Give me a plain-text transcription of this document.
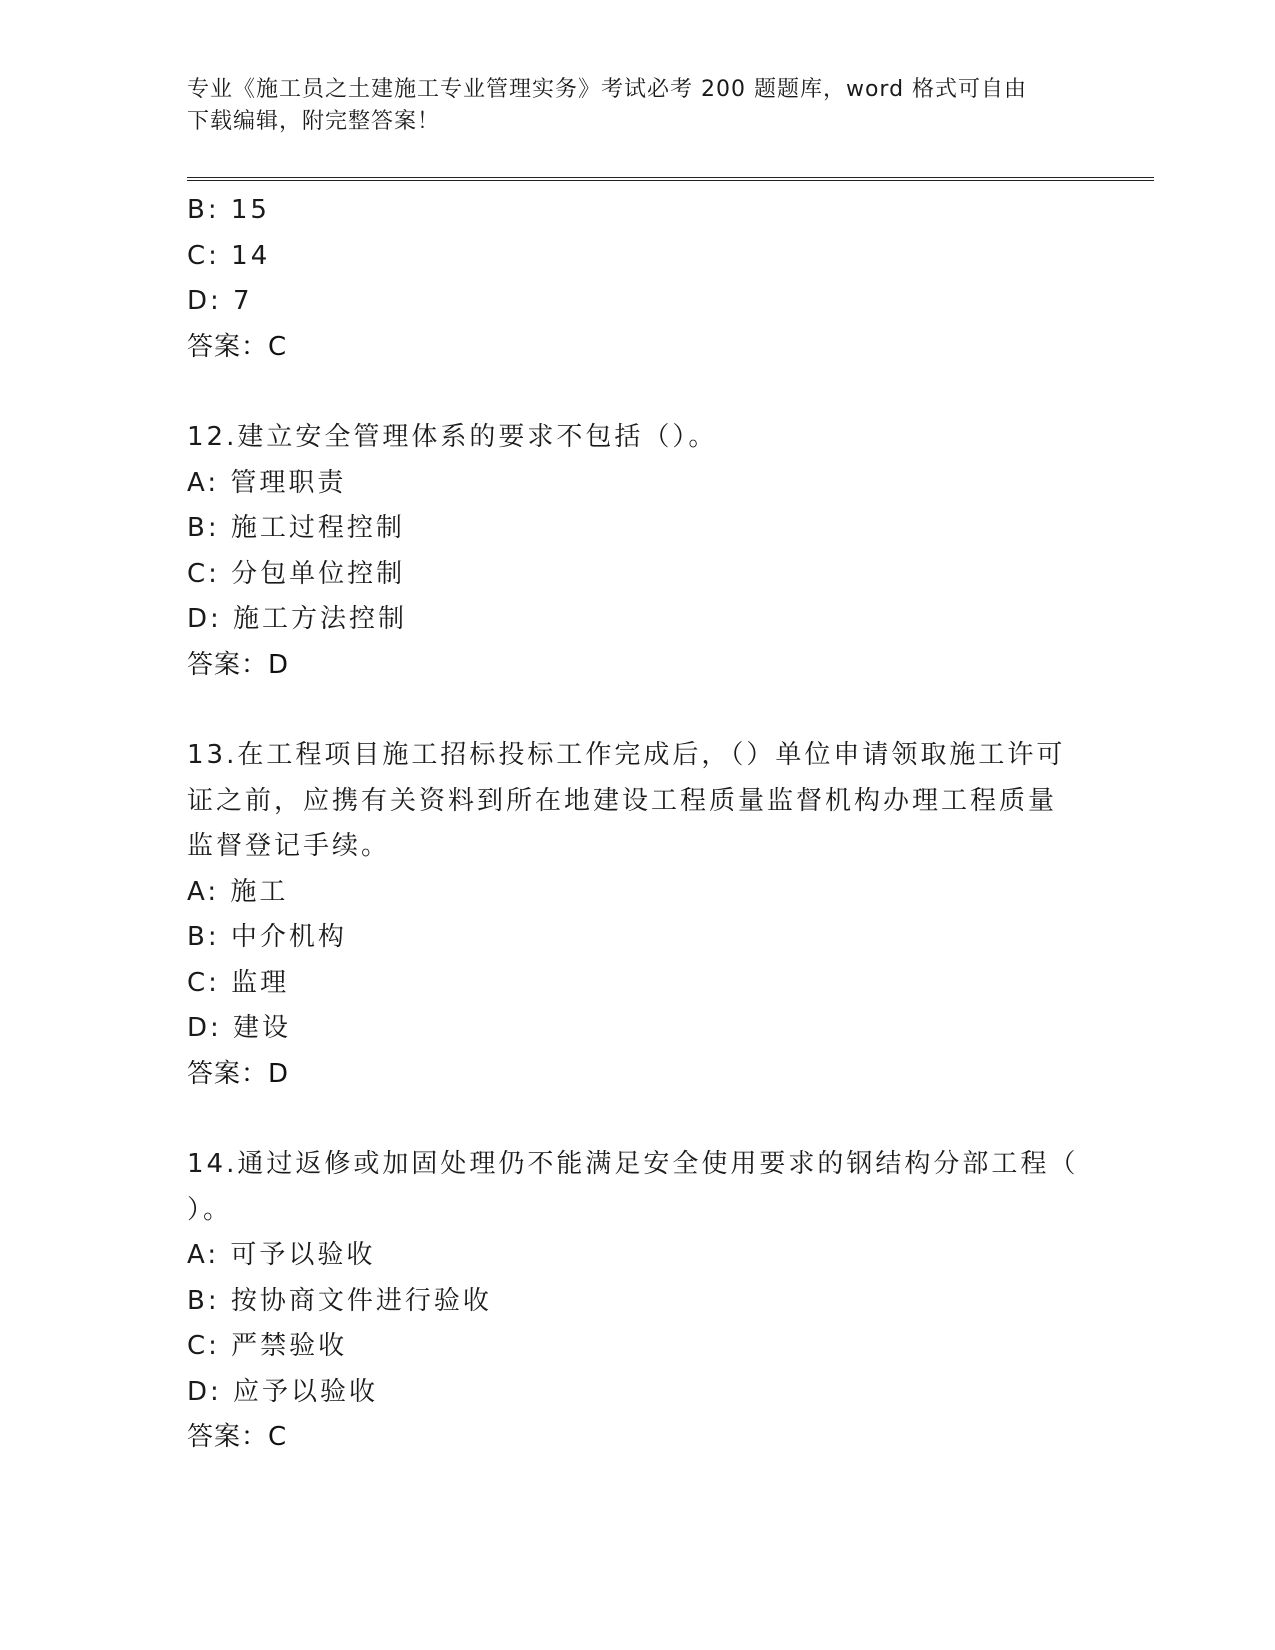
专业《施工员之土建施工专业管理实务》考试必考 200 题题库，word 格式可自由
下载编辑，附完整答案！
B: 15
C: 14
D: 7
答案：C
12.建立安全管理体系的要求不包括（）。
A: 管理职责
B: 施工过程控制
C: 分包单位控制
D: 施工方法控制
答案：D
13.在工程项目施工招标投标工作完成后，（）单位申请领取施工许可
证之前，应携有关资料到所在地建设工程质量监督机构办理工程质量
监督登记手续。
A: 施工
B: 中介机构
C: 监理
D: 建设
答案：D
14.通过返修或加固处理仍不能满足安全使用要求的钢结构分部工程（
）。
A: 可予以验收
B: 按协商文件进行验收
C: 严禁验收
D: 应予以验收
答案：C
